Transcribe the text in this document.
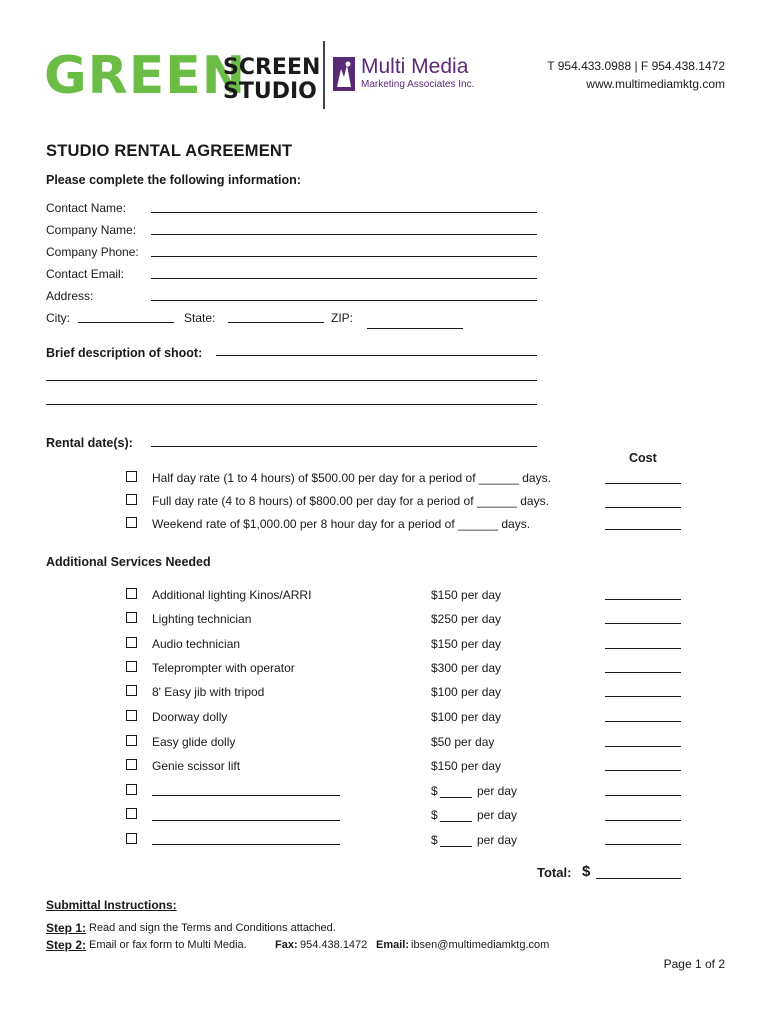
GREEN
SCREEN
STUDIO
Multi Media
Marketing Associates Inc.
T 954.433.0988 | F 954.438.1472
www.multimediamktg.com
STUDIO RENTAL AGREEMENT
Please complete the following information:
Contact Name:
Company Name:
Company Phone:
Contact Email:
Address:
City:	State:	ZIP:
Brief description of shoot:
Rental date(s):
Cost
Half day rate (1 to 4 hours) of $500.00 per day for a period of ______ days.
Full day rate (4 to 8 hours) of $800.00 per day for a period of ______ days.
Weekend rate of $1,000.00 per 8 hour day for a period of ______ days.
Additional Services Needed
Additional lighting Kinos/ARRI	$150 per day
Lighting technician	$250 per day
Audio technician	$150 per day
Teleprompter with operator	$300 per day
8' Easy jib with tripod	$100 per day
Doorway dolly	$100 per day
Easy glide dolly	$50 per day
Genie scissor lift	$150 per day
$	per day
$	per day
$	per day
Total: $
Submittal Instructions:
Step 1: Read and sign the Terms and Conditions attached.
Step 2: Email or fax form to Multi Media.	Fax: 954.438.1472 Email: ibsen@multimediamktg.com
Page 1 of 2
